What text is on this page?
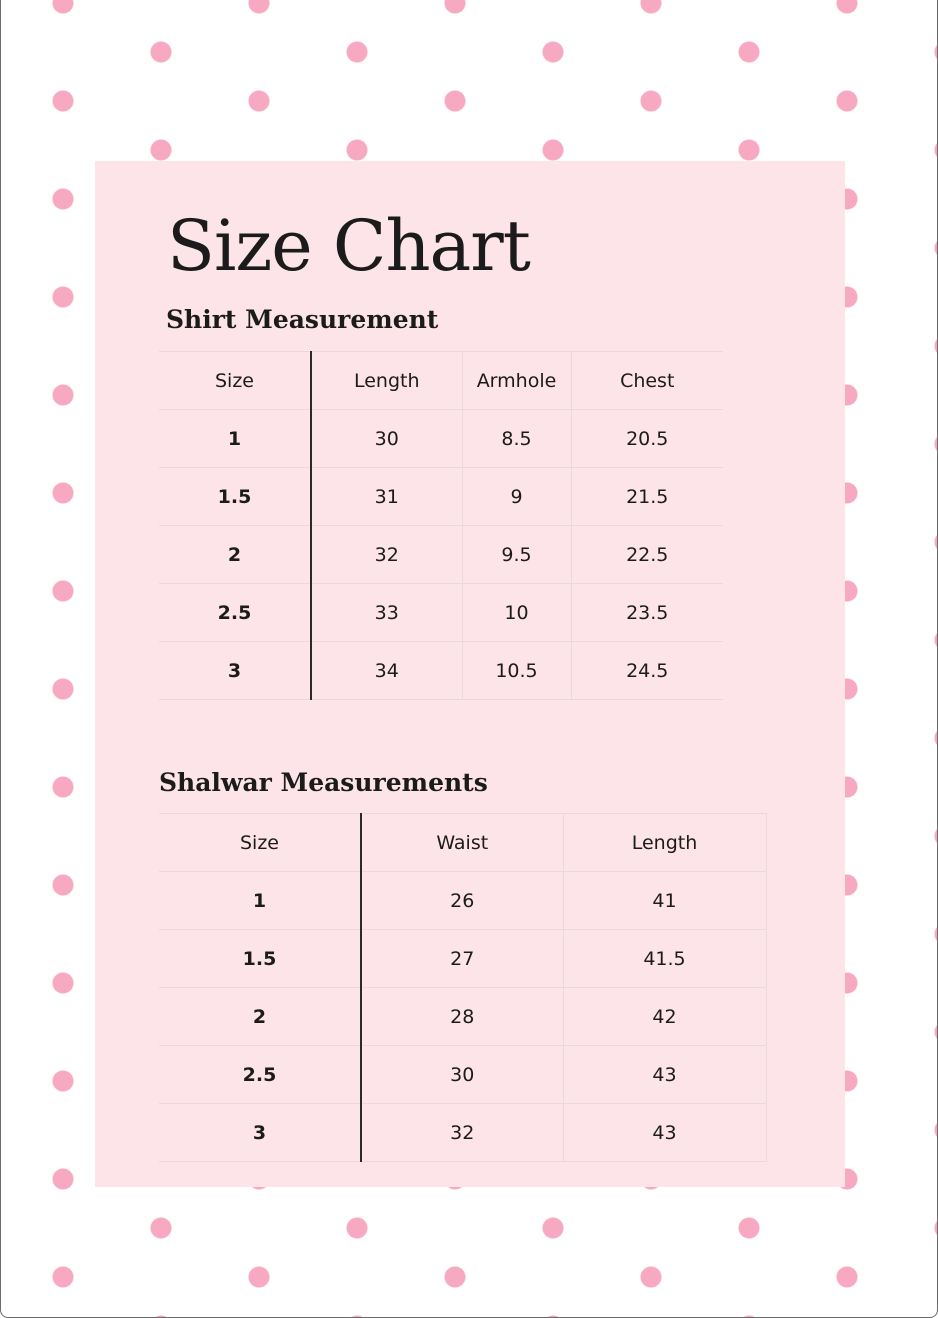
Size Chart
Shirt Measurement
Size	Length	Armhole	Chest
1	30	8.5	20.5
1.5	31	9	21.5
2	32	9.5	22.5
2.5	33	10	23.5
3	34	10.5	24.5
Shalwar Measurements
Size	Waist	Length
1	26	41
1.5	27	41.5
2	28	42
2.5	30	43
3	32	43
